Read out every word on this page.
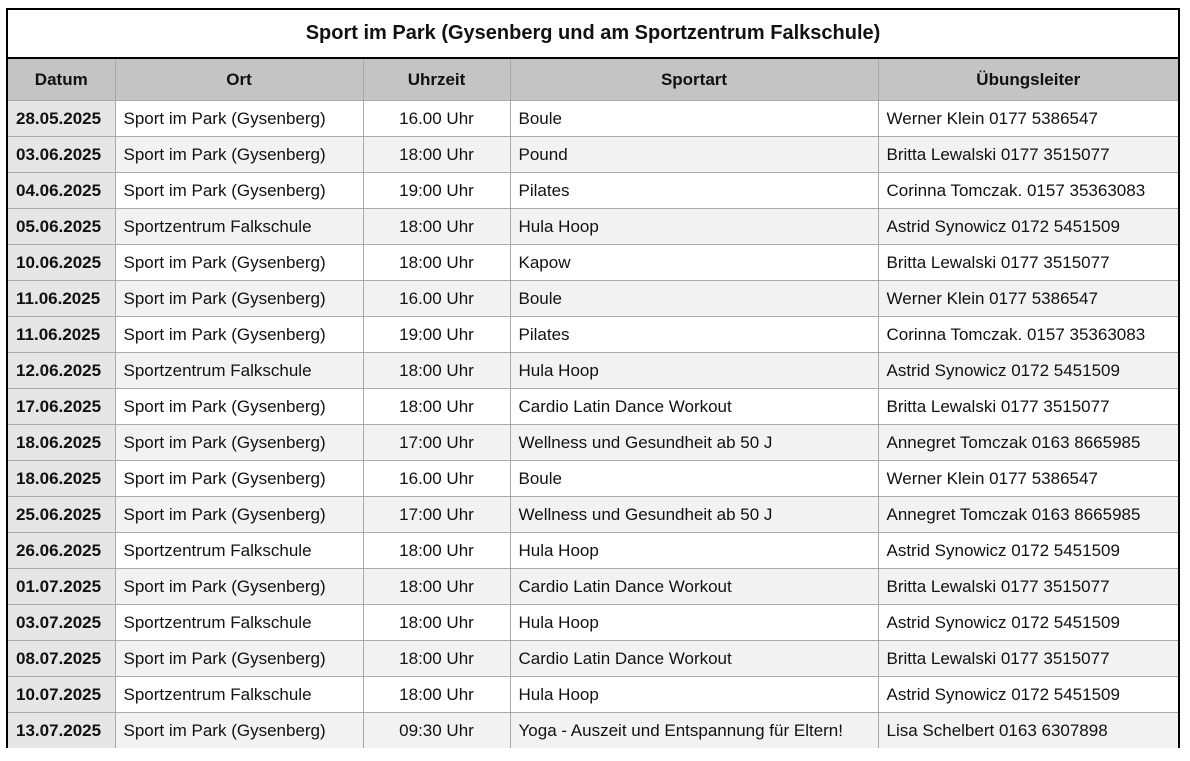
Sport im Park (Gysenberg und am Sportzentrum Falkschule)
Datum	Ort	Uhrzeit	Sportart	Übungsleiter
28.05.2025	Sport im Park (Gysenberg)	16.00 Uhr	Boule	Werner Klein 0177 5386547
03.06.2025	Sport im Park (Gysenberg)	18:00 Uhr	Pound	Britta Lewalski 0177 3515077
04.06.2025	Sport im Park (Gysenberg)	19:00 Uhr	Pilates	Corinna Tomczak. 0157 35363083
05.06.2025	Sportzentrum Falkschule	18:00 Uhr	Hula Hoop	Astrid Synowicz 0172 5451509
10.06.2025	Sport im Park (Gysenberg)	18:00 Uhr	Kapow	Britta Lewalski 0177 3515077
11.06.2025	Sport im Park (Gysenberg)	16.00 Uhr	Boule	Werner Klein 0177 5386547
11.06.2025	Sport im Park (Gysenberg)	19:00 Uhr	Pilates	Corinna Tomczak. 0157 35363083
12.06.2025	Sportzentrum Falkschule	18:00 Uhr	Hula Hoop	Astrid Synowicz 0172 5451509
17.06.2025	Sport im Park (Gysenberg)	18:00 Uhr	Cardio Latin Dance Workout	Britta Lewalski 0177 3515077
18.06.2025	Sport im Park (Gysenberg)	17:00 Uhr	Wellness und Gesundheit ab 50 J	Annegret Tomczak 0163 8665985
18.06.2025	Sport im Park (Gysenberg)	16.00 Uhr	Boule	Werner Klein 0177 5386547
25.06.2025	Sport im Park (Gysenberg)	17:00 Uhr	Wellness und Gesundheit ab 50 J	Annegret Tomczak 0163 8665985
26.06.2025	Sportzentrum Falkschule	18:00 Uhr	Hula Hoop	Astrid Synowicz 0172 5451509
01.07.2025	Sport im Park (Gysenberg)	18:00 Uhr	Cardio Latin Dance Workout	Britta Lewalski 0177 3515077
03.07.2025	Sportzentrum Falkschule	18:00 Uhr	Hula Hoop	Astrid Synowicz 0172 5451509
08.07.2025	Sport im Park (Gysenberg)	18:00 Uhr	Cardio Latin Dance Workout	Britta Lewalski 0177 3515077
10.07.2025	Sportzentrum Falkschule	18:00 Uhr	Hula Hoop	Astrid Synowicz 0172 5451509
13.07.2025	Sport im Park (Gysenberg)	09:30 Uhr	Yoga - Auszeit und Entspannung für Eltern!	Lisa Schelbert 0163 6307898
